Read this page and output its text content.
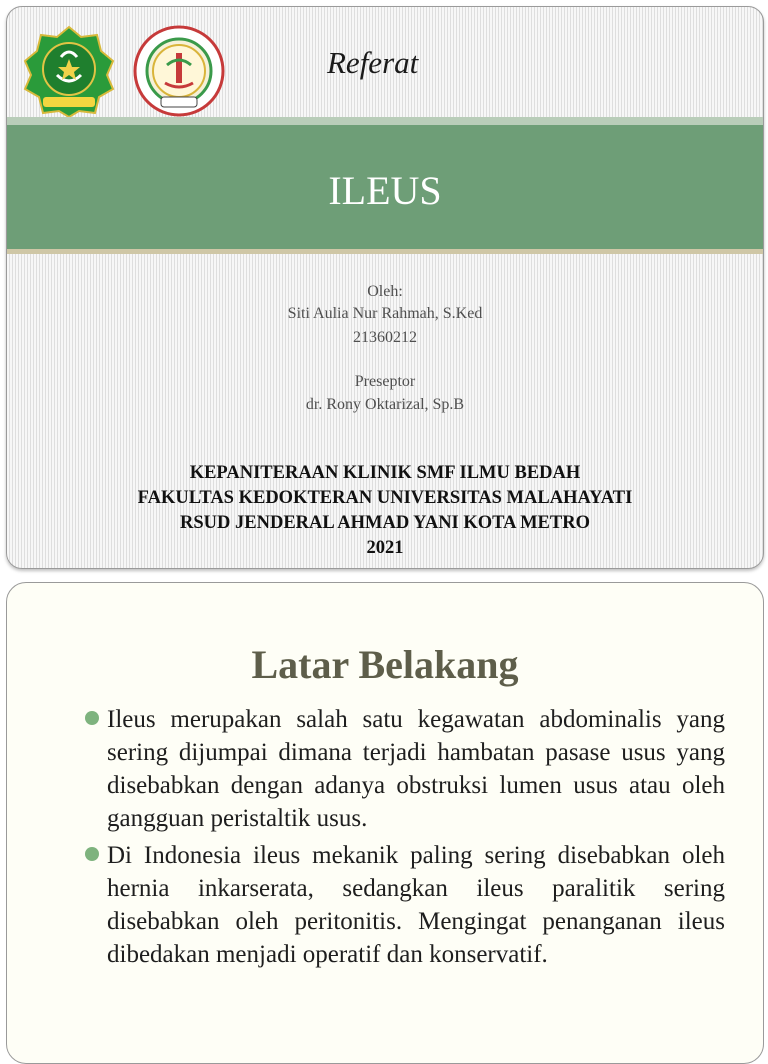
Referat
ILEUS
Oleh:
Siti Aulia Nur Rahmah, S.Ked
21360212
Preseptor
dr. Rony Oktarizal, Sp.B
KEPANITERAAN KLINIK SMF ILMU BEDAH
FAKULTAS KEDOKTERAN UNIVERSITAS MALAHAYATI
RSUD JENDERAL AHMAD YANI KOTA METRO
2021
Latar Belakang
Ileus merupakan salah satu kegawatan abdominalis yang sering dijumpai dimana terjadi hambatan pasase usus yang disebabkan dengan adanya obstruksi lumen usus atau oleh gangguan peristaltik usus.
Di Indonesia ileus mekanik paling sering disebabkan oleh hernia inkarserata, sedangkan ileus paralitik sering disebabkan oleh peritonitis. Mengingat penanganan ileus dibedakan menjadi operatif dan konservatif.
